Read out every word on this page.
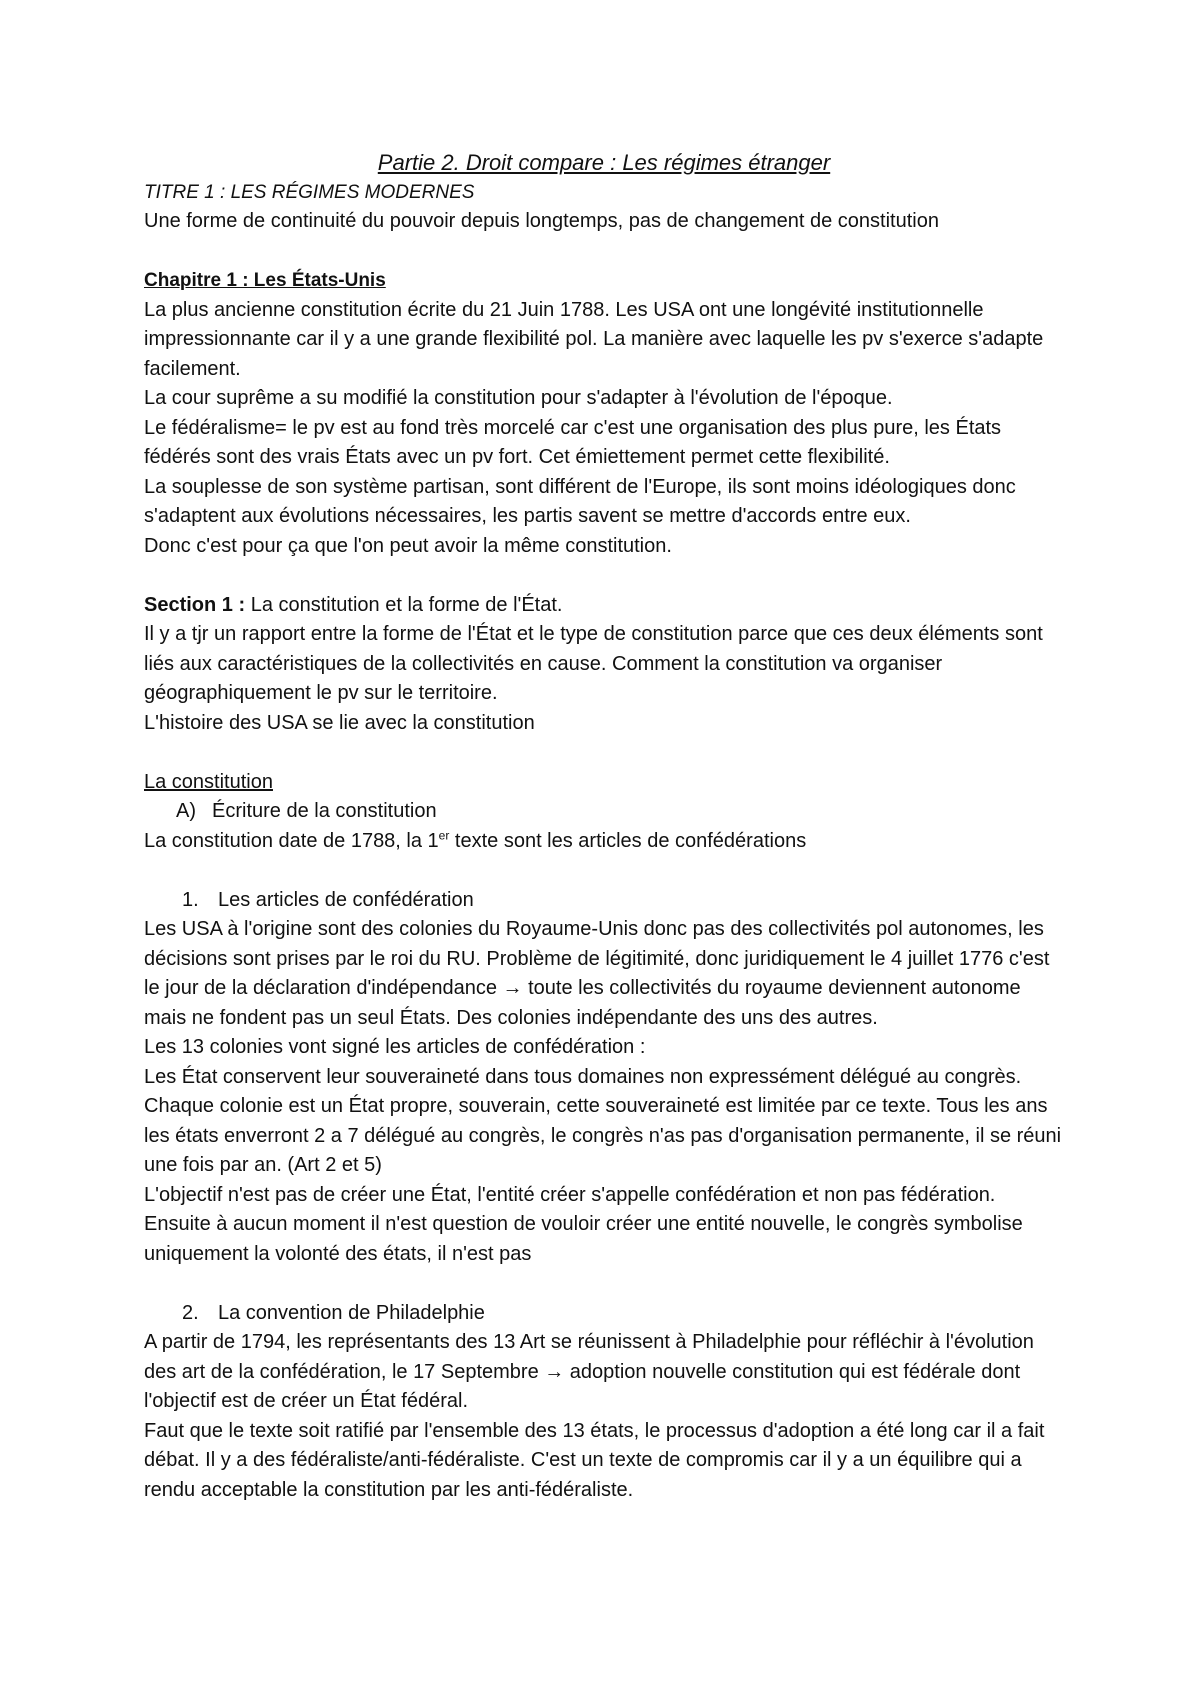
Partie 2. Droit compare : Les régimes étranger

TITRE 1 : LES RÉGIMES MODERNES

Une forme de continuité du pouvoir depuis longtemps, pas de changement de constitution

Chapitre 1 : Les États-Unis

La plus ancienne constitution écrite du 21 Juin 1788. Les USA ont une longévité institutionnelle impressionnante car il y a une grande flexibilité pol. La manière avec laquelle les pv s'exerce s'adapte facilement.

La cour suprême a su modifié la constitution pour s'adapter à l'évolution de l'époque.

Le fédéralisme= le pv est au fond très morcelé car c'est une organisation des plus pure, les États fédérés sont des vrais États avec un pv fort. Cet émiettement permet cette flexibilité.

La souplesse de son système partisan, sont différent de l'Europe, ils sont moins idéologiques donc s'adaptent aux évolutions nécessaires, les partis savent se mettre d'accords entre eux.

Donc c'est pour ça que l'on peut avoir la même constitution.

Section 1 : La constitution et la forme de l'État.

Il y a tjr un rapport entre la forme de l'État et le type de constitution parce que ces deux éléments sont liés aux caractéristiques de la collectivités en cause. Comment la constitution va organiser géographiquement le pv sur le territoire.

L'histoire des USA se lie avec la constitution

La constitution

A) Écriture de la constitution

La constitution date de 1788, la 1er texte sont les articles de confédérations

1. Les articles de confédération

Les USA à l'origine sont des colonies du Royaume-Unis donc pas des collectivités pol autonomes, les décisions sont prises par le roi du RU. Problème de légitimité, donc juridiquement le 4 juillet 1776 c'est le jour de la déclaration d'indépendance → toute les collectivités du royaume deviennent autonome mais ne fondent pas un seul États. Des colonies indépendante des uns des autres.

Les 13 colonies vont signé les articles de confédération :

Les État conservent leur souveraineté dans tous domaines non expressément délégué au congrès. Chaque colonie est un État propre, souverain, cette souveraineté est limitée par ce texte. Tous les ans les états enverront 2 a 7 délégué au congrès, le congrès n'as pas d'organisation permanente, il se réuni une fois par an. (Art 2 et 5)

L'objectif n'est pas de créer une État, l'entité créer s'appelle confédération et non pas fédération. Ensuite à aucun moment il n'est question de vouloir créer une entité nouvelle, le congrès symbolise uniquement la volonté des états, il n'est pas

2. La convention de Philadelphie

A partir de 1794, les représentants des 13 Art se réunissent à Philadelphie pour réfléchir à l'évolution des art de la confédération, le 17 Septembre → adoption nouvelle constitution qui est fédérale dont l'objectif est de créer un État fédéral.

Faut que le texte soit ratifié par l'ensemble des 13 états, le processus d'adoption a été long car il a fait débat. Il y a des fédéraliste/anti-fédéraliste. C'est un texte de compromis car il y a un équilibre qui a rendu acceptable la constitution par les anti-fédéraliste.
